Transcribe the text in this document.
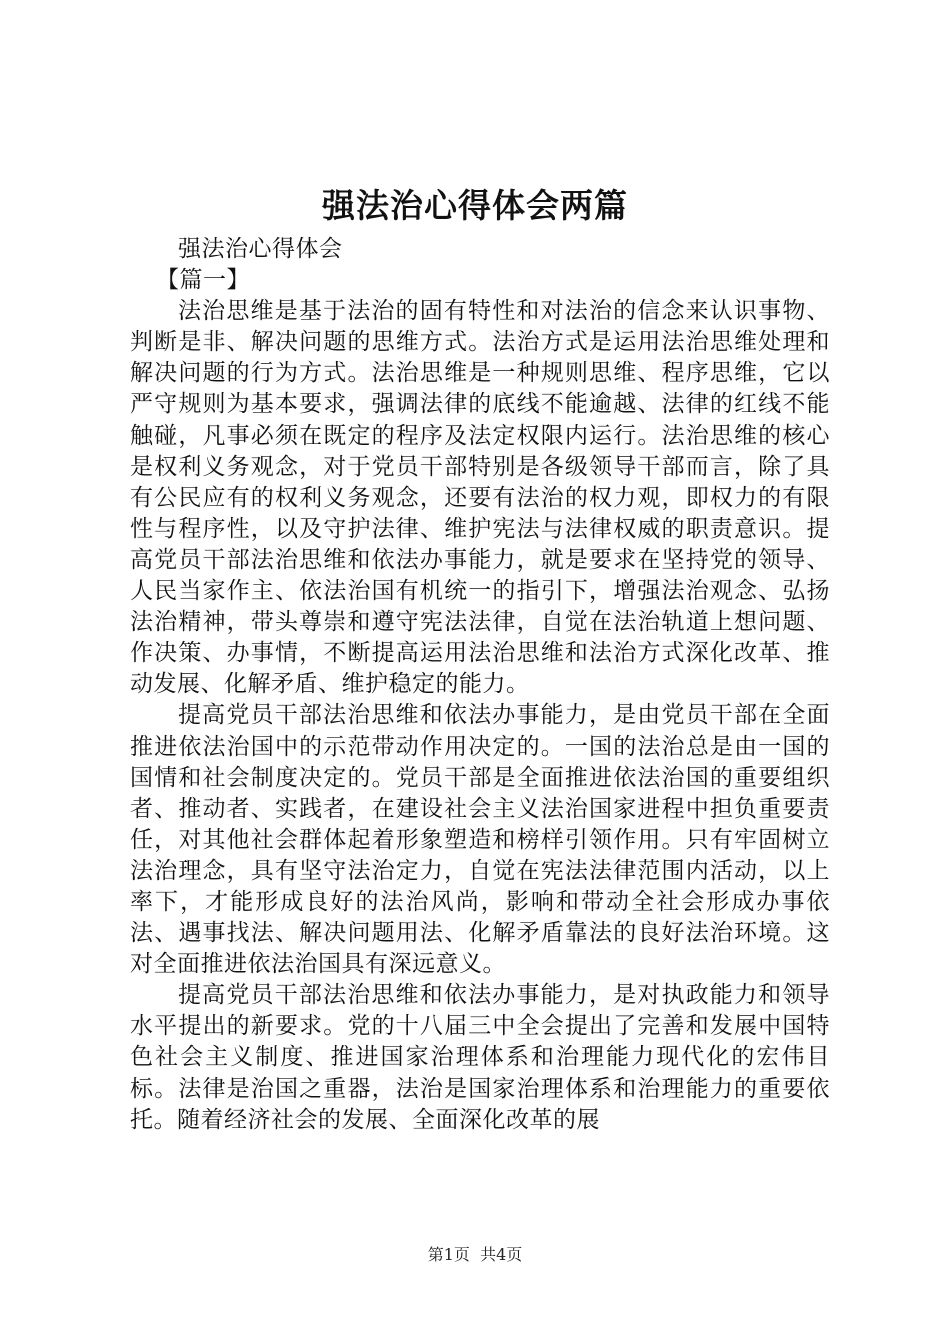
强法治心得体会两篇

强法治心得体会

【篇一】

法治思维是基于法治的固有特性和对法治的信念来认识事物、判断是非、解决问题的思维方式。法治方式是运用法治思维处理和解决问题的行为方式。法治思维是一种规则思维、程序思维，它以严守规则为基本要求，强调法律的底线不能逾越、法律的红线不能触碰，凡事必须在既定的程序及法定权限内运行。法治思维的核心是权利义务观念，对于党员干部特别是各级领导干部而言，除了具有公民应有的权利义务观念，还要有法治的权力观，即权力的有限性与程序性，以及守护法律、维护宪法与法律权威的职责意识。提高党员干部法治思维和依法办事能力，就是要求在坚持党的领导、人民当家作主、依法治国有机统一的指引下，增强法治观念、弘扬法治精神，带头尊崇和遵守宪法法律，自觉在法治轨道上想问题、作决策、办事情，不断提高运用法治思维和法治方式深化改革、推动发展、化解矛盾、维护稳定的能力。

提高党员干部法治思维和依法办事能力，是由党员干部在全面推进依法治国中的示范带动作用决定的。一国的法治总是由一国的国情和社会制度决定的。党员干部是全面推进依法治国的重要组织者、推动者、实践者，在建设社会主义法治国家进程中担负重要责任，对其他社会群体起着形象塑造和榜样引领作用。只有牢固树立法治理念，具有坚守法治定力，自觉在宪法法律范围内活动，以上率下，才能形成良好的法治风尚，影响和带动全社会形成办事依法、遇事找法、解决问题用法、化解矛盾靠法的良好法治环境。这对全面推进依法治国具有深远意义。

提高党员干部法治思维和依法办事能力，是对执政能力和领导水平提出的新要求。党的十八届三中全会提出了完善和发展中国特色社会主义制度、推进国家治理体系和治理能力现代化的宏伟目标。法律是治国之重器，法治是国家治理体系和治理能力的重要依托。随着经济社会的发展、全面深化改革的展

第1页 共4页
